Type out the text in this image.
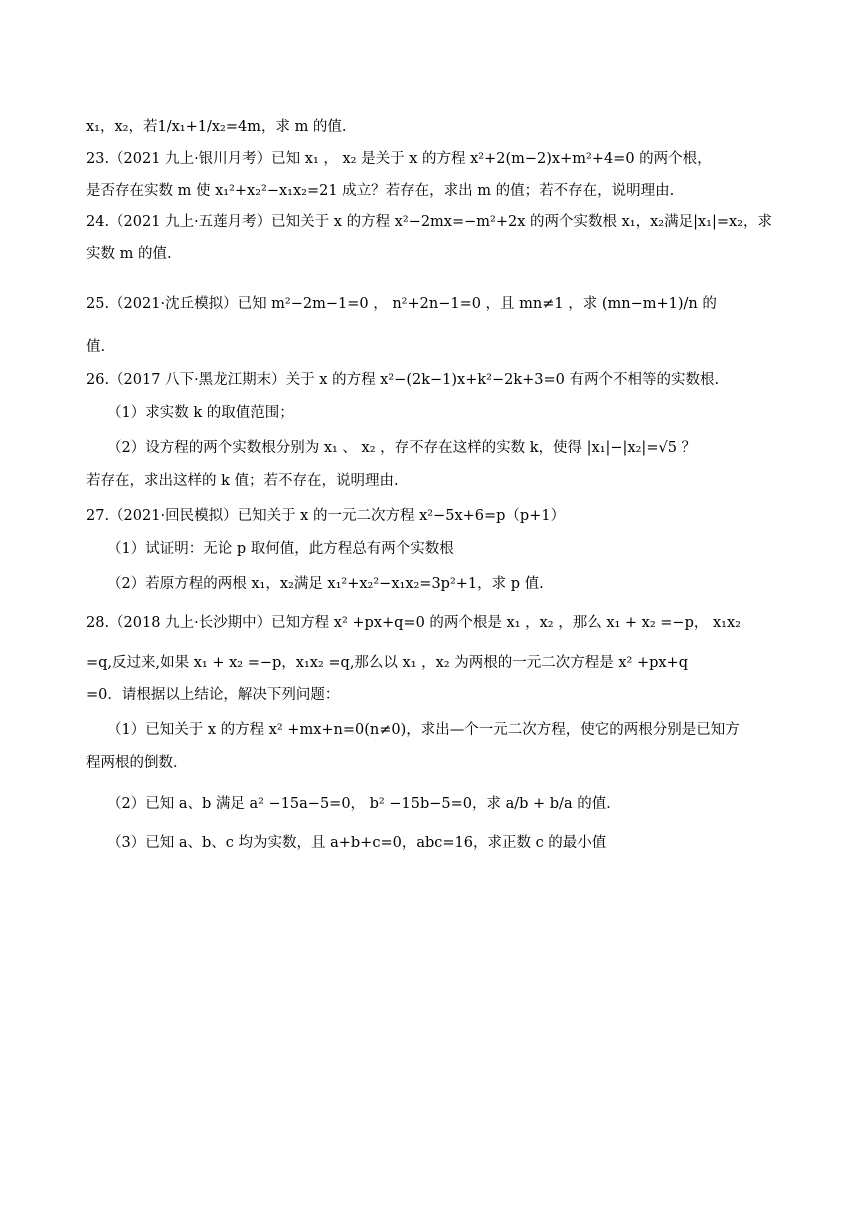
x₁，x₂，若1/x₁+1/x₂=4m，求 m 的值.
23.（2021 九上·银川月考）已知 x₁ ， x₂ 是关于 x 的方程 x²+2(m−2)x+m²+4=0 的两个根，
是否存在实数 m 使 x₁²+x₂²−x₁x₂=21 成立？若存在，求出 m 的值；若不存在，说明理由.
24.（2021 九上·五莲月考）已知关于 x 的方程 x²−2mx=−m²+2x 的两个实数根 x₁，x₂满足|x₁|=x₂，求
实数 m 的值.
25.（2021·沈丘模拟）已知 m²−2m−1=0 ， n²+2n−1=0 ，且 mn≠1 ，求 (mn−m+1)/n 的
值.
26.（2017 八下·黑龙江期末）关于 x 的方程 x²−(2k−1)x+k²−2k+3=0 有两个不相等的实数根.
（1）求实数 k 的取值范围；
（2）设方程的两个实数根分别为 x₁ 、 x₂ ，存不存在这样的实数 k，使得 |x₁|−|x₂|=√5 ？
若存在，求出这样的 k 值；若不存在，说明理由.
27.（2021·回民模拟）已知关于 x 的一元二次方程 x²−5x+6=p（p+1）
（1）试证明：无论 p 取何值，此方程总有两个实数根
（2）若原方程的两根 x₁，x₂满足 x₁²+x₂²−x₁x₂=3p²+1，求 p 值.
28.（2018 九上·长沙期中）已知方程 x² +px+q=0 的两个根是 x₁ ，x₂ ，那么 x₁ + x₂ =−p， x₁x₂
=q,反过来,如果 x₁ + x₂ =−p，x₁x₂ =q,那么以 x₁ ，x₂ 为两根的一元二次方程是 x² +px+q
=0．请根据以上结论，解决下列问题：
（1）已知关于 x 的方程 x² +mx+n=0(n≠0)，求出—个一元二次方程，使它的两根分别是已知方
程两根的倒数．
（2）已知 a、b 满足 a² −15a−5=0， b² −15b−5=0，求 a/b + b/a 的值．
（3）已知 a、b、c 均为实数，且 a+b+c=0，abc=16，求正数 c 的最小值
